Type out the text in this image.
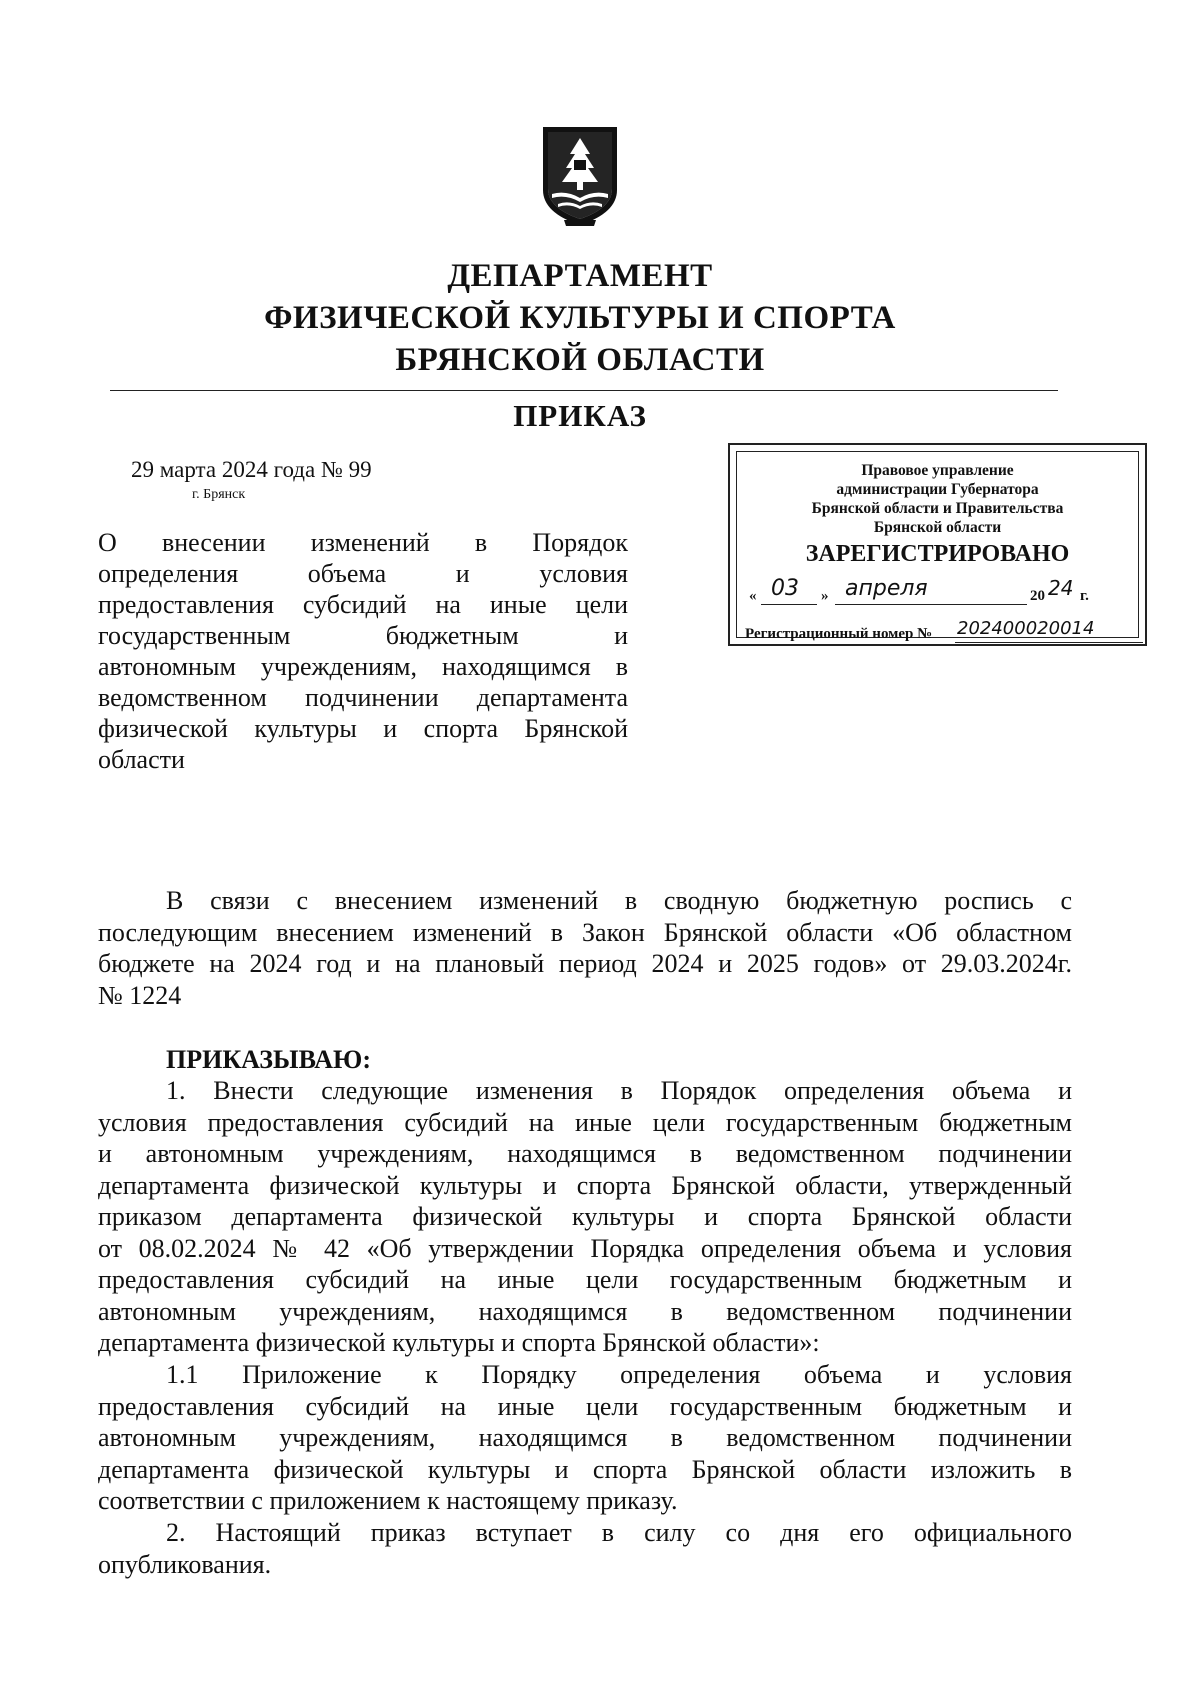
ДЕПАРТАМЕНТ
ФИЗИЧЕСКОЙ КУЛЬТУРЫ И СПОРТА
БРЯНСКОЙ ОБЛАСТИ
ПРИКАЗ
29 марта 2024 года № 99
г. Брянск
О внесении изменений в Порядок
определения объема и условия
предоставления субсидий на иные цели
государственным бюджетным и
автономным учреждениям, находящимся в
ведомственном подчинении департамента
физической культуры и спорта Брянской
области
Правовое управление
администрации Губернатора
Брянской области и Правительства
Брянской области
ЗАРЕГИСТРИРОВАНО
« 03 » апреля	20 24 г.
Регистрационный номер № 202400020014
В связи с внесением изменений в сводную бюджетную роспись с
последующим внесением изменений в Закон Брянской области «Об областном
бюджете на 2024 год и на плановый период 2024 и 2025 годов» от 29.03.2024г.
№ 1224
ПРИКАЗЫВАЮ:
1. Внести следующие изменения в Порядок определения объема и
условия предоставления субсидий на иные цели государственным бюджетным
и автономным учреждениям, находящимся в ведомственном подчинении
департамента физической культуры и спорта Брянской области, утвержденный
приказом департамента физической культуры и спорта Брянской области
от 08.02.2024 № 42 «Об утверждении Порядка определения объема и условия
предоставления субсидий на иные цели государственным бюджетным и
автономным учреждениям, находящимся в ведомственном подчинении
департамента физической культуры и спорта Брянской области»:
1.1 Приложение к Порядку определения объема и условия
предоставления субсидий на иные цели государственным бюджетным и
автономным учреждениям, находящимся в ведомственном подчинении
департамента физической культуры и спорта Брянской области изложить в
соответствии с приложением к настоящему приказу.
2. Настоящий приказ вступает в силу со дня его официального
опубликования.
